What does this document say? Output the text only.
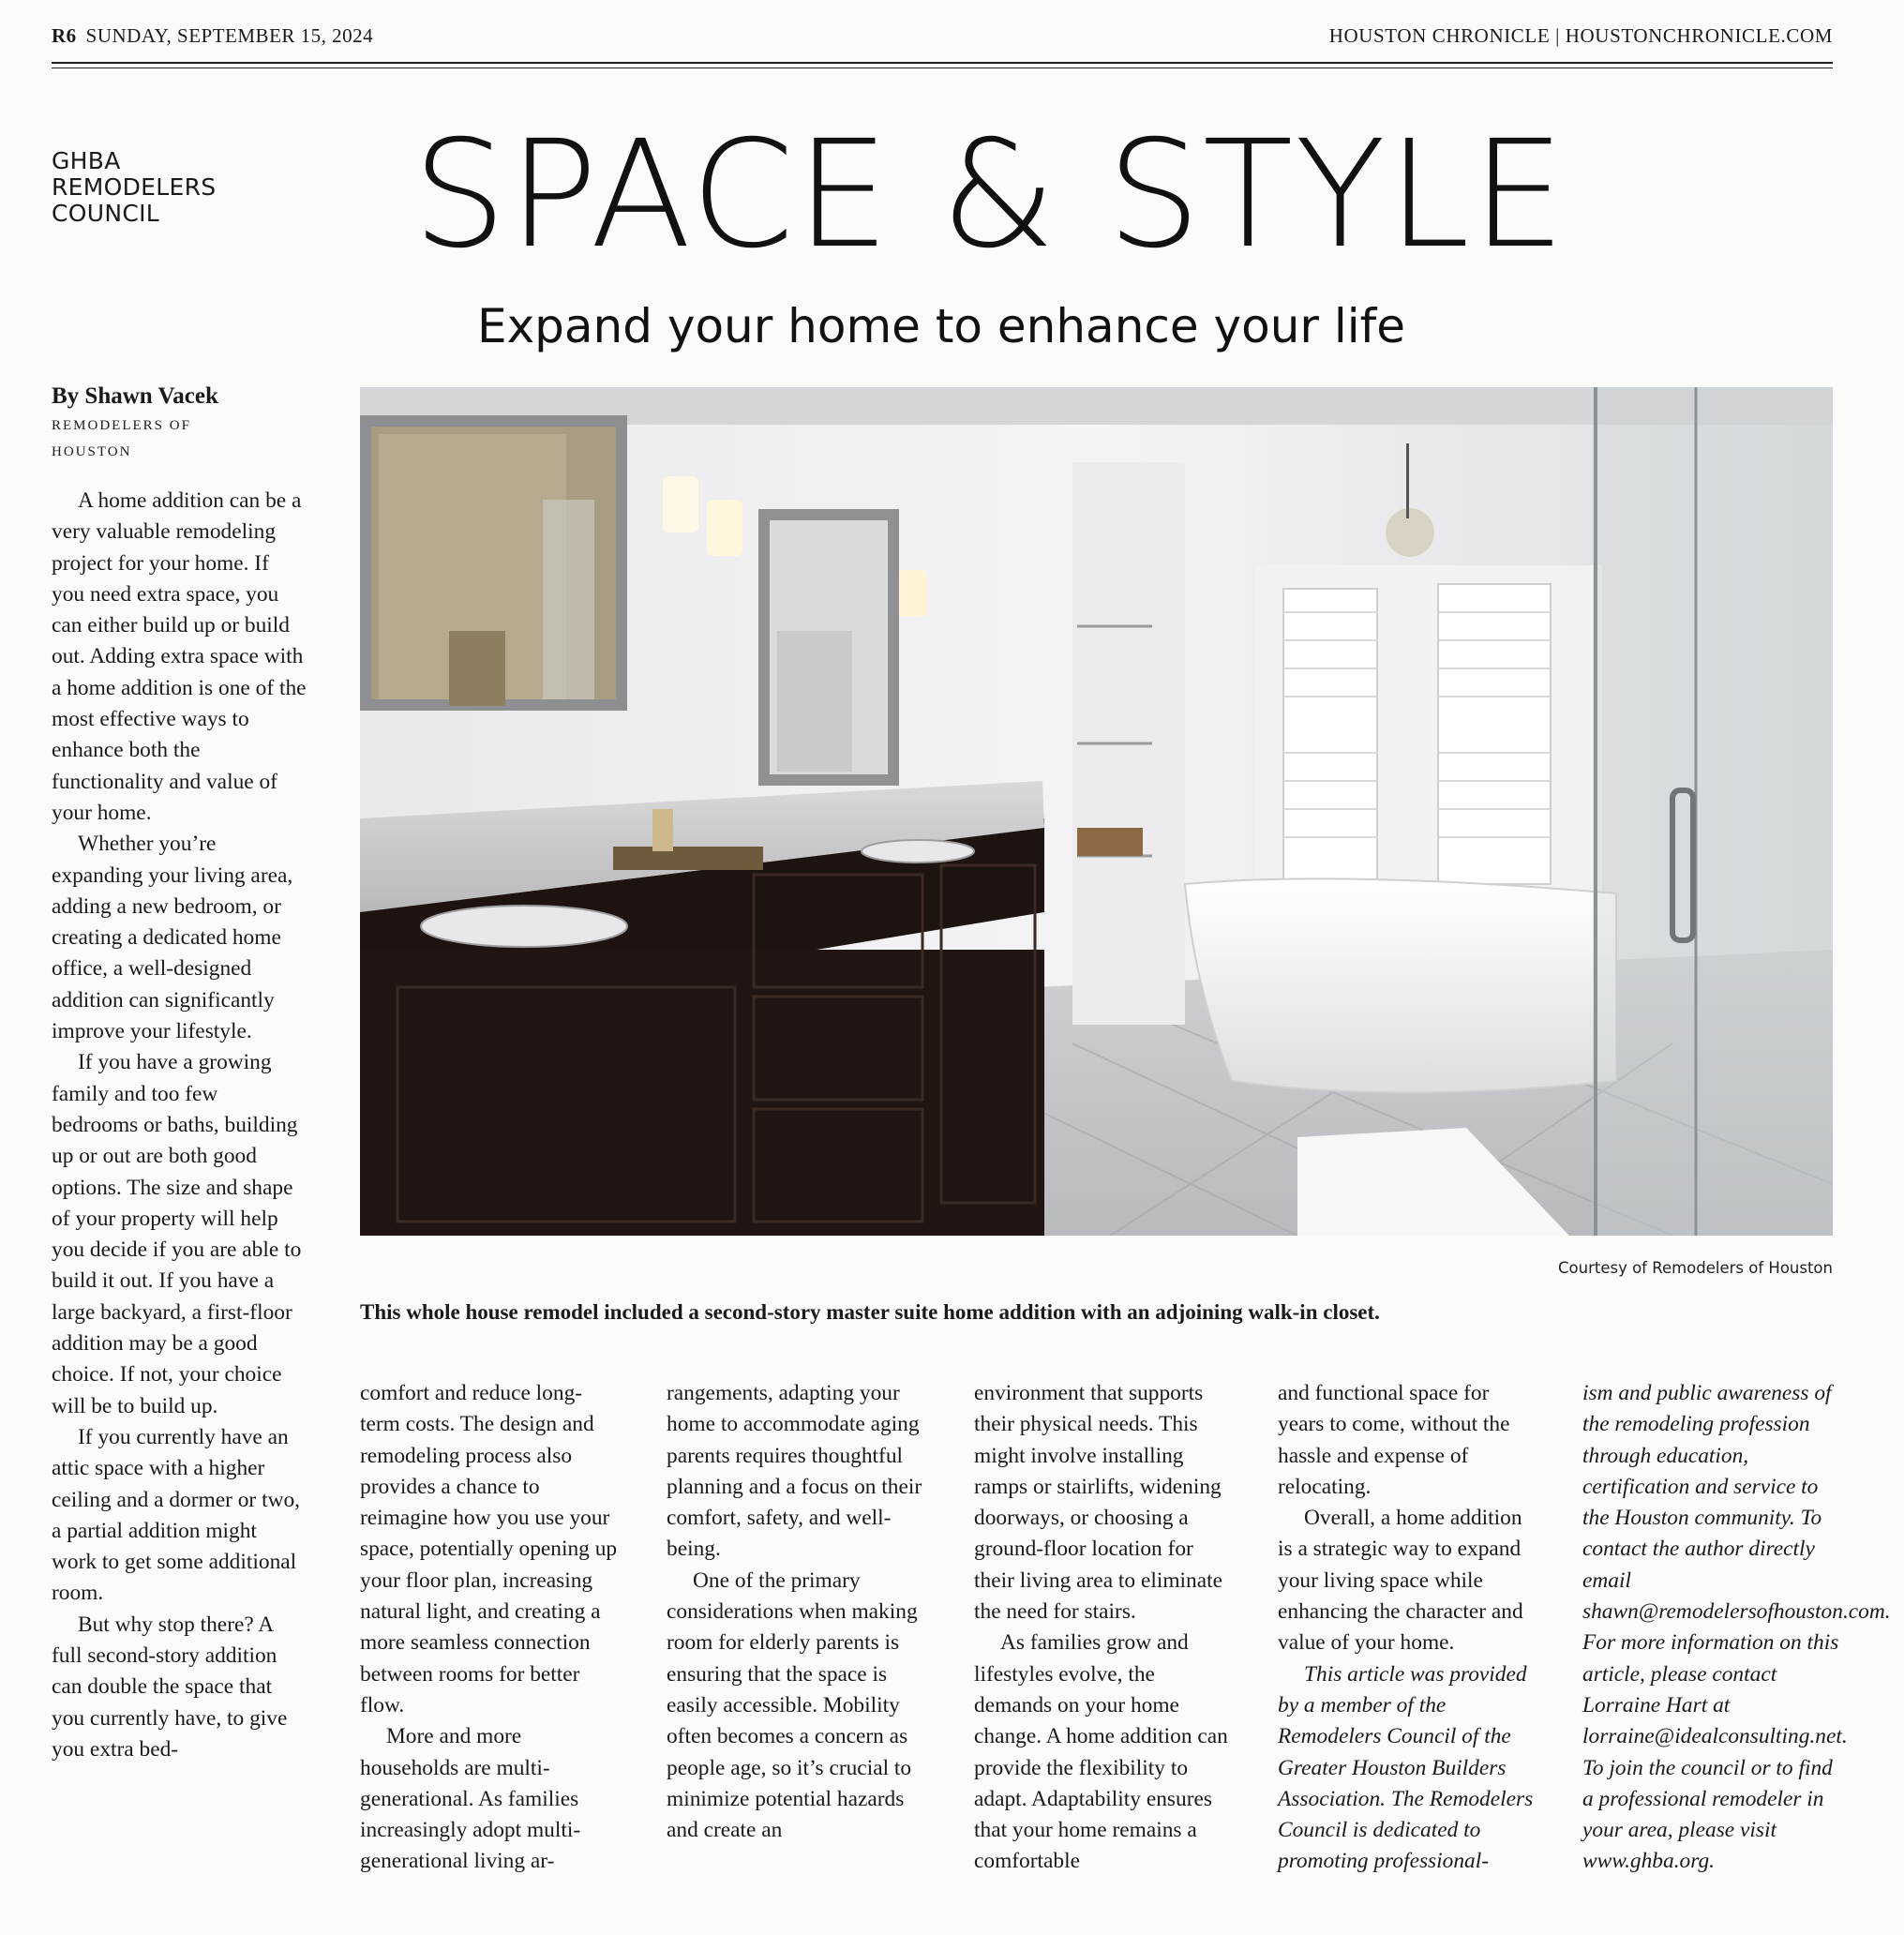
R6 SUNDAY, SEPTEMBER 15, 2024	HOUSTON CHRONICLE | HOUSTONCHRONICLE.COM
GHBA
REMODELERS
COUNCIL	SPACE & STYLE
Expand your home to enhance your life
By Shawn Vacek
REMODELERS OF HOUSTON

A home addition can be a very valuable remodeling project for your home. If you need extra space, you can either build up or build out. Adding extra space with a home addition is one of the most effective ways to enhance both the functionality and value of your home.

Whether you’re expanding your living area, adding a new bedroom, or creating a dedicated home office, a well-designed addition can significantly improve your lifestyle.

If you have a growing family and too few bedrooms or baths, building up or out are both good options. The size and shape of your property will help you decide if you are able to build it out. If you have a large backyard, a first-floor addition may be a good choice. If not, your choice will be to build up.

If you currently have an attic space with a higher ceiling and a dormer or two, a partial addition might work to get some additional room.

But why stop there? A full second-story addition can double the space that you currently have, to give you extra bed-

Courtesy of Remodelers of Houston
This whole house remodel included a second-story master suite home addition with an adjoining walk-in closet.

comfort and reduce long-term costs. The design and remodeling process also provides a chance to reimagine how you use your space, potentially opening up your floor plan, increasing natural light, and creating a more seamless connection between rooms for better flow.

More and more households are multi-generational. As families increasingly adopt multi-generational living ar-

rangements, adapting your home to accommodate aging parents requires thoughtful planning and a focus on their comfort, safety, and well-being.

One of the primary considerations when making room for elderly parents is ensuring that the space is easily accessible. Mobility often becomes a concern as people age, so it’s crucial to minimize potential hazards and create an

environment that supports their physical needs. This might involve installing ramps or stairlifts, widening doorways, or choosing a ground-floor location for their living area to eliminate the need for stairs.

As families grow and lifestyles evolve, the demands on your home change. A home addition can provide the flexibility to adapt. Adaptability ensures that your home remains a comfortable

and functional space for years to come, without the hassle and expense of relocating.

Overall, a home addition is a strategic way to expand your living space while enhancing the character and value of your home.

This article was provided by a member of the Remodelers Council of the Greater Houston Builders Association. The Remodelers Council is dedicated to promoting professional-

ism and public awareness of the remodeling profession through education, certification and service to the Houston community. To contact the author directly email shawn@remodelersofhouston.com. For more information on this article, please contact Lorraine Hart at lorraine@idealconsulting.net. To join the council or to find a professional remodeler in your area, please visit www.ghba.org.
